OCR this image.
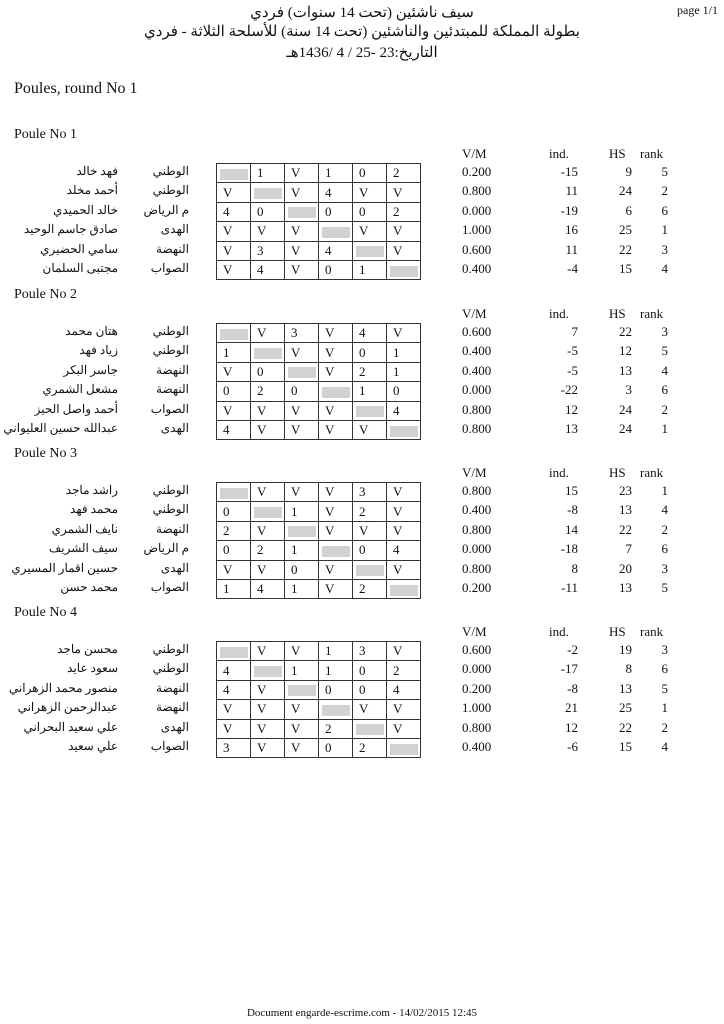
page 1/1
سيف ناشئين (تحت 14 سنوات) فردي
بطولة المملكة للمبتدئين والناشئين (تحت 14 سنة) للأسلحة الثلاثة - فردي
التاريخ:23 -25 / 4 /1436هـ
Poules, round No 1
Poule No 1
V/M	ind.	HS rank
	1	V	1	0	2
V		V	4	V	V
4	0		0	0	2
V	V	V		V	V
V	3	V	4		V
V	4	V	0	1	
فهد خالد	الوطني	0.200	-15	9 5
أحمد مخلد	الوطني	0.800	11	24 2
خالد الحميدي	م الرياض	0.000	-19	6 6
صادق جاسم الوحيد	الهدى	1.000	16	25 1
سامي الحضيري	النهضة	0.600	11	22 3
مجتبى السلمان	الصواب	0.400	-4	15 4
Poule No 2
V/M	ind.	HS rank
	V	3	V	4	V
1		V	V	0	1
V	0		V	2	1
0	2	0		1	0
V	V	V	V		4
4	V	V	V	V	
هتان محمد	الوطني	0.600	7	22 3
زياد فهد	الوطني	0.400	-5	12 5
جاسر البكر	النهضة	0.400	-5	13 4
مشعل الشمري	النهضة	0.000	-22	3 6
أحمد واصل الحيز	الصواب	0.800	12	24 2
عبدالله حسين العليواني	الهدى	0.800	13	24 1
Poule No 3
V/M	ind.	HS rank
	V	V	V	3	V
0		1	V	2	V
2	V		V	V	V
0	2	1		0	4
V	V	0	V		V
1	4	1	V	2	
راشد ماجد	الوطني	0.800	15	23 1
محمد فهد	الوطني	0.400	-8	13 4
نايف الشمري	النهضة	0.800	14	22 2
سيف الشريف	م الرياض	0.000	-18	7 6
حسين اقمار المسيري	الهدى	0.800	8	20 3
محمد حسن	الصواب	0.200	-11	13 5
Poule No 4
V/M	ind.	HS rank
	V	V	1	3	V
4		1	1	0	2
4	V		0	0	4
V	V	V		V	V
V	V	V	2		V
3	V	V	0	2	
محسن ماجد	الوطني	0.600	-2	19 3
سعود عايد	الوطني	0.000	-17	8 6
منصور محمد الزهراني	النهضة	0.200	-8	13 5
عبدالرحمن الزهراني	النهضة	1.000	21	25 1
علي سعيد البحراني	الهدى	0.800	12	22 2
علي سعيد	الصواب	0.400	-6	15 4
Document engarde-escrime.com - 14/02/2015 12:45
